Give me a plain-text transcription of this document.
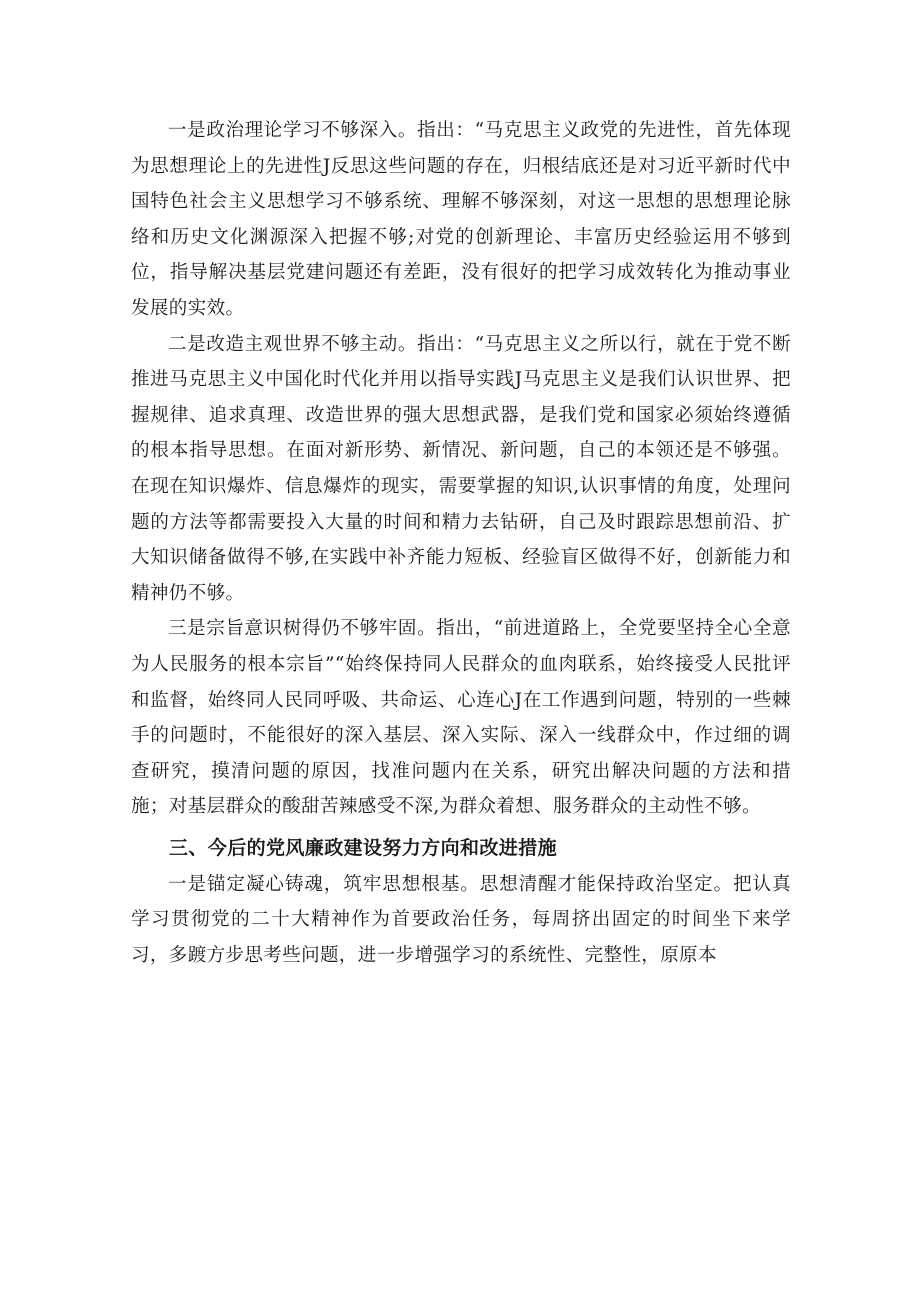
一是政治理论学习不够深入。指出：“马克思主义政党的先进性，首先体现为思想理论上的先进性J反思这些问题的存在，归根结底还是对习近平新时代中国特色社会主义思想学习不够系统、理解不够深刻，对这一思想的思想理论脉络和历史文化渊源深入把握不够;对党的创新理论、丰富历史经验运用不够到位，指导解决基层党建问题还有差距，没有很好的把学习成效转化为推动事业发展的实效。

二是改造主观世界不够主动。指出：“马克思主义之所以行，就在于党不断推进马克思主义中国化时代化并用以指导实践J马克思主义是我们认识世界、把握规律、追求真理、改造世界的强大思想武器，是我们党和国家必须始终遵循的根本指导思想。在面对新形势、新情况、新问题，自己的本领还是不够强。在现在知识爆炸、信息爆炸的现实，需要掌握的知识,认识事情的角度，处理问题的方法等都需要投入大量的时间和精力去钻研，自己及时跟踪思想前沿、扩大知识储备做得不够,在实践中补齐能力短板、经验盲区做得不好，创新能力和精神仍不够。

三是宗旨意识树得仍不够牢固。指出，“前进道路上，全党要坚持全心全意为人民服务的根本宗旨”“始终保持同人民群众的血肉联系，始终接受人民批评和监督，始终同人民同呼吸、共命运、心连心J在工作遇到问题，特别的一些棘手的问题时，不能很好的深入基层、深入实际、深入一线群众中，作过细的调查研究，摸清问题的原因，找准问题内在关系，研究出解决问题的方法和措施；对基层群众的酸甜苦辣感受不深,为群众着想、服务群众的主动性不够。

三、今后的党风廉政建设努力方向和改进措施

一是锚定凝心铸魂，筑牢思想根基。思想清醒才能保持政治坚定。把认真学习贯彻党的二十大精神作为首要政治任务，每周挤出固定的时间坐下来学习，多踱方步思考些问题，进一步增强学习的系统性、完整性，原原本
